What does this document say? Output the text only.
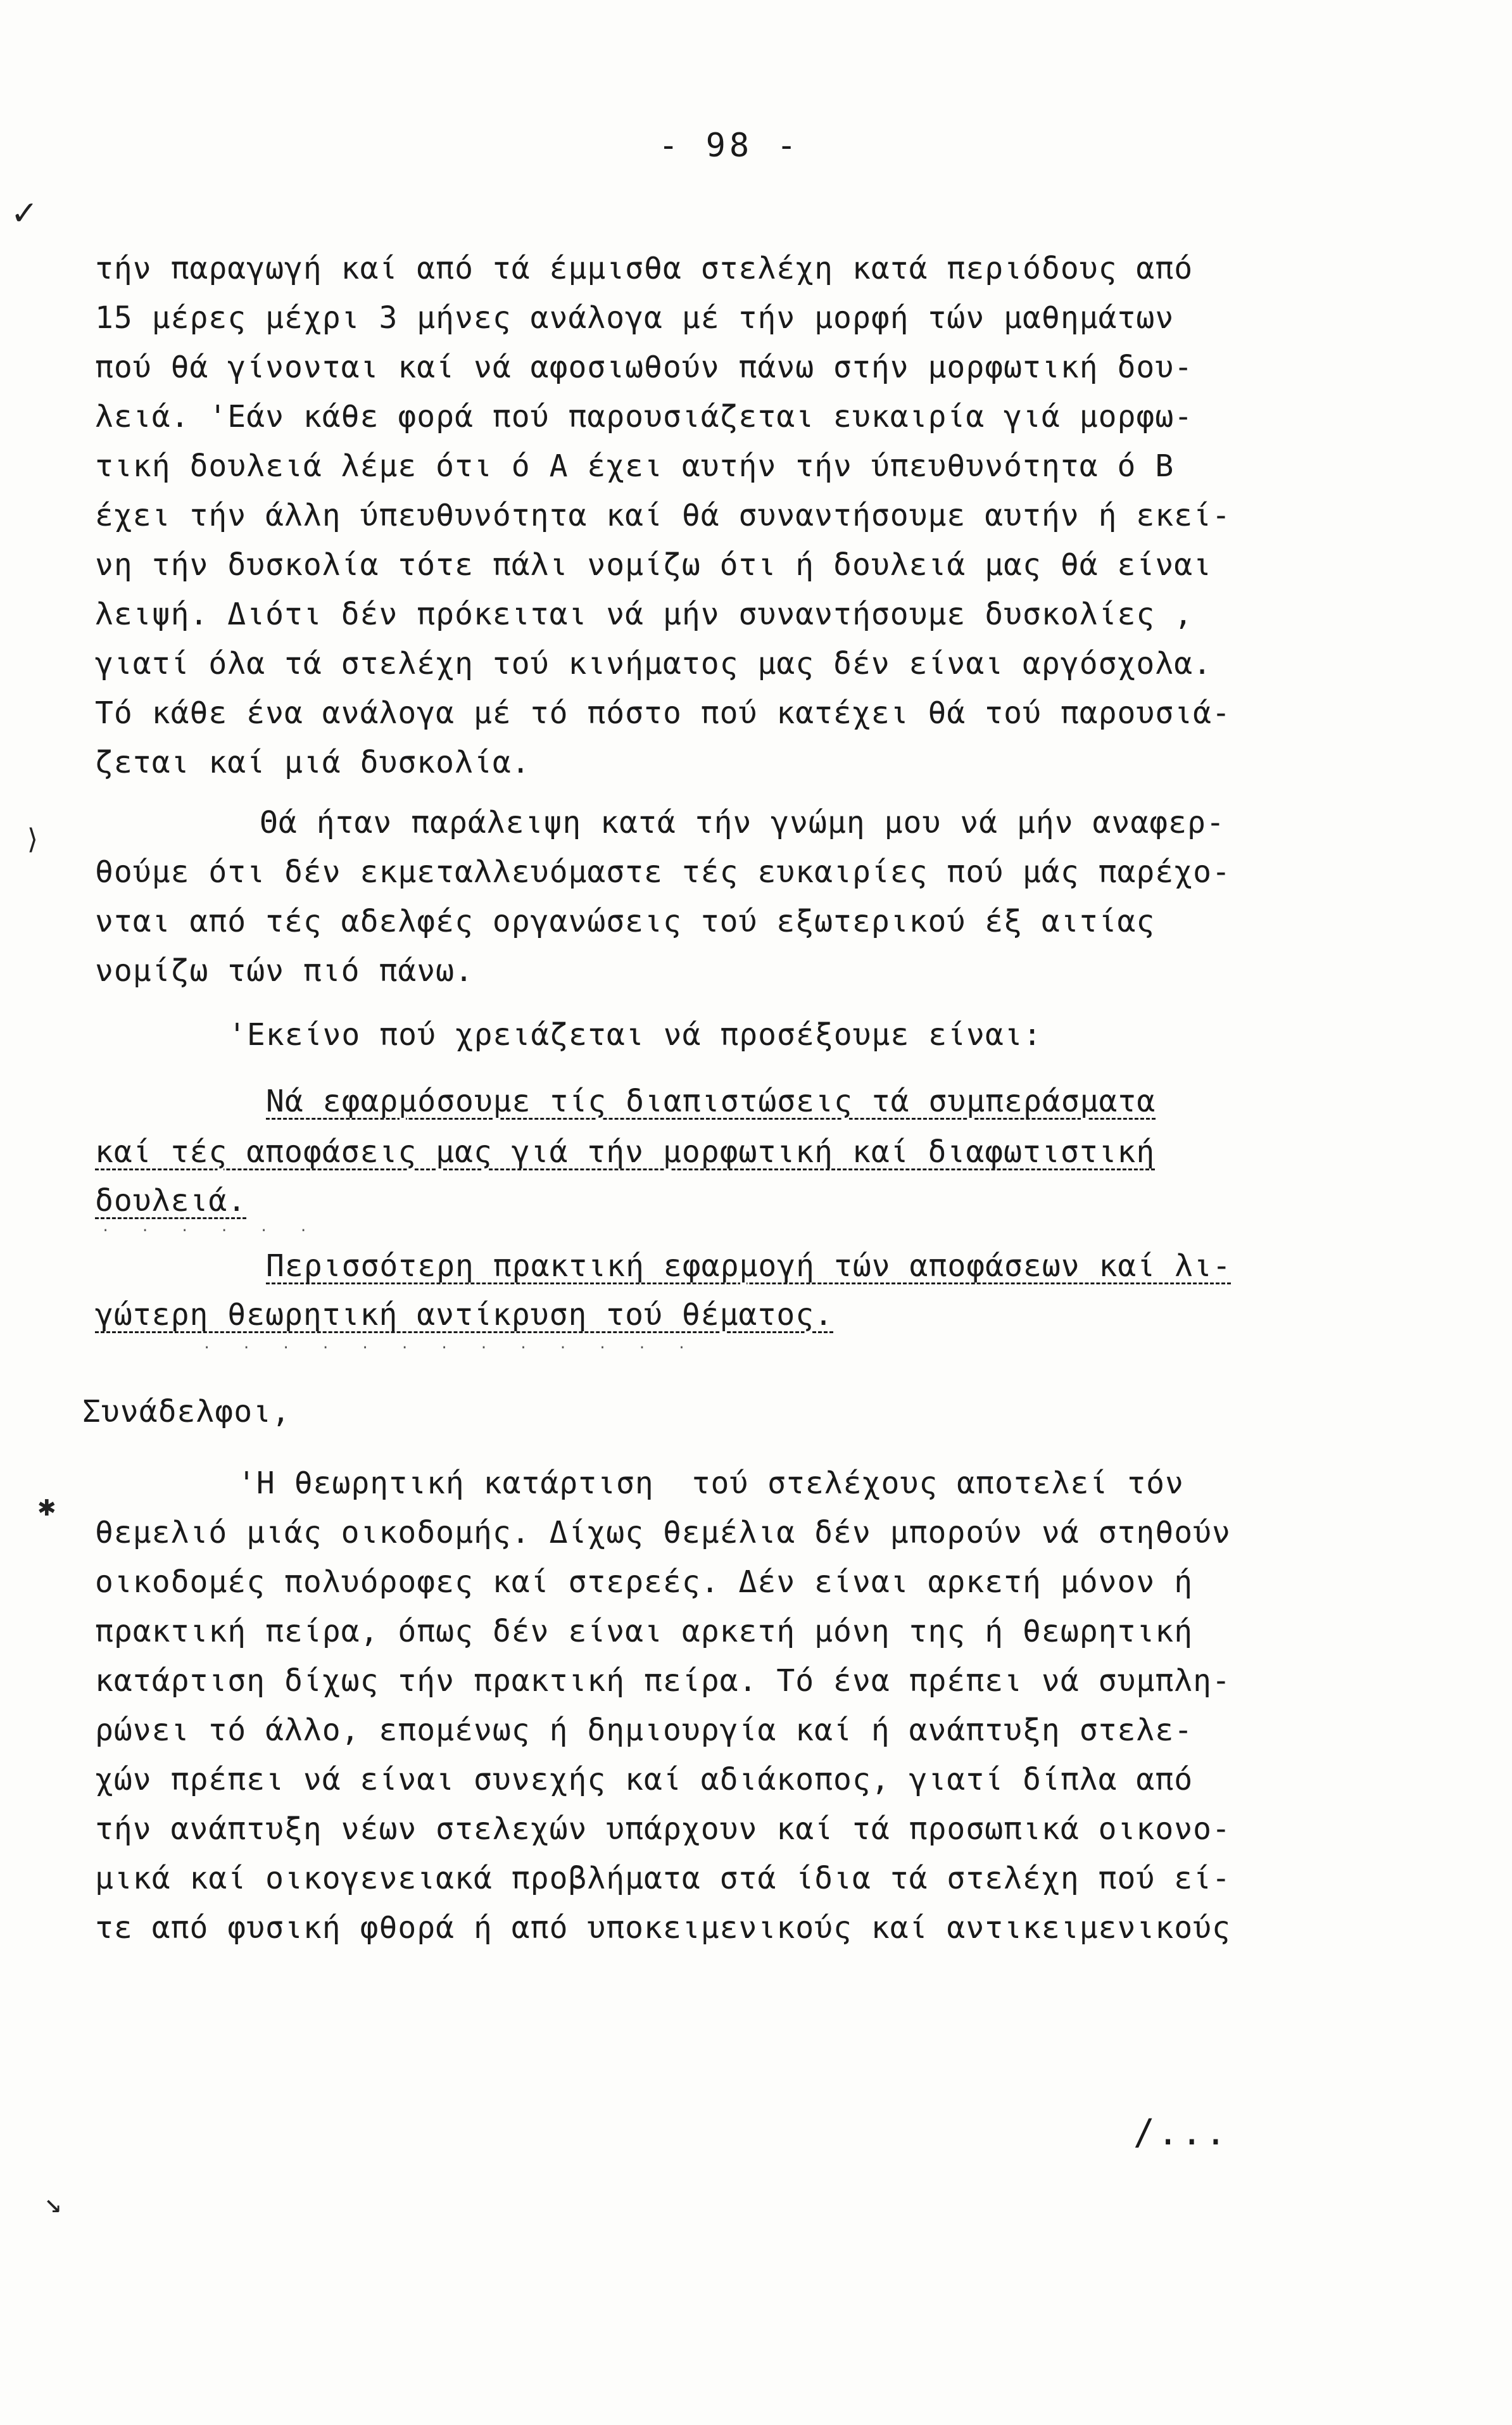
✓
⟩
✱
↘
- 98 -
τήν παραγωγή καί από τά έμμισθα στελέχη κατά περιόδους από
15 μέρες μέχρι 3 μήνες ανάλογα μέ τήν μορφή τών μαθημάτων
πού θά γίνονται καί νά αφοσιωθούν πάνω στήν μορφωτική δου-
λειά. 'Εάν κάθε φορά πού παρουσιάζεται ευκαιρία γιά μορφω-
τική δουλειά λέμε ότι ό Α έχει αυτήν τήν ύπευθυνότητα ό Β
έχει τήν άλλη ύπευθυνότητα καί θά συναντήσουμε αυτήν ή εκεί-
νη τήν δυσκολία τότε πάλι νομίζω ότι ή δουλειά μας θά είναι
λειψή. Διότι δέν πρόκειται νά μήν συναντήσουμε δυσκολίες ,
γιατί όλα τά στελέχη τού κινήματος μας δέν είναι αργόσχολα.
Τό κάθε ένα ανάλογα μέ τό πόστο πού κατέχει θά τού παρουσιά-
ζεται καί μιά δυσκολία.
Θά ήταν παράλειψη κατά τήν γνώμη μου νά μήν αναφερ-
θούμε ότι δέν εκμεταλλευόμαστε τές ευκαιρίες πού μάς παρέχο-
νται από τές αδελφές οργανώσεις τού εξωτερικού έξ αιτίας
νομίζω τών πιό πάνω.
'Εκείνο πού χρειάζεται νά προσέξουμε είναι:
Νά εφαρμόσουμε τίς διαπιστώσεις τά συμπεράσματα
καί τές αποφάσεις μας γιά τήν μορφωτική καί διαφωτιστική
δουλειά.
. . . . . .
Περισσότερη πρακτική εφαρμογή τών αποφάσεων καί λι-
γώτερη θεωρητική αντίκρυση τού θέματος.
. . . . . . . . . . . . .
Συνάδελφοι,
'Η θεωρητική κατάρτιση  τού στελέχους αποτελεί τόν
θεμελιό μιάς οικοδομής. Δίχως θεμέλια δέν μπορούν νά στηθούν
οικοδομές πολυόροφες καί στερεές. Δέν είναι αρκετή μόνον ή
πρακτική πείρα, όπως δέν είναι αρκετή μόνη της ή θεωρητική
κατάρτιση δίχως τήν πρακτική πείρα. Τό ένα πρέπει νά συμπλη-
ρώνει τό άλλο, επομένως ή δημιουργία καί ή ανάπτυξη στελε-
χών πρέπει νά είναι συνεχής καί αδιάκοπος, γιατί δίπλα από
τήν ανάπτυξη νέων στελεχών υπάρχουν καί τά προσωπικά οικονο-
μικά καί οικογενειακά προβλήματα στά ίδια τά στελέχη πού εί-
τε από φυσική φθορά ή από υποκειμενικούς καί αντικειμενικούς
/...
